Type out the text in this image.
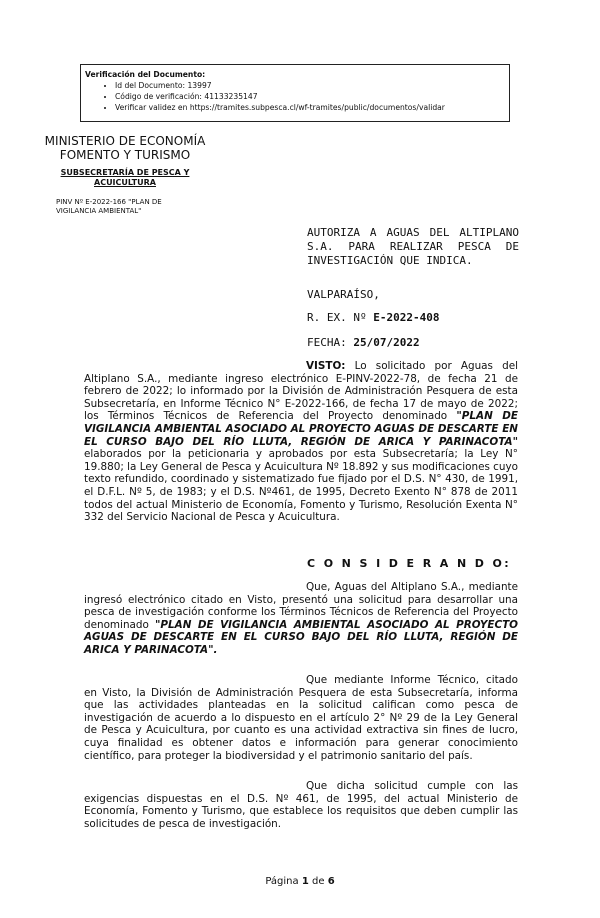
Verificación del Documento:
• Id del Documento: 13997
• Código de verificación: 41133235147
• Verificar validez en https://tramites.subpesca.cl/wf-tramites/public/documentos/validar
MINISTERIO DE ECONOMÍA
FOMENTO Y TURISMO
SUBSECRETARÍA DE PESCA Y ACUICULTURA
PINV Nº E-2022-166 "PLAN DE VIGILANCIA AMBIENTAL"
AUTORIZA A AGUAS DEL ALTIPLANO S.A. PARA REALIZAR PESCA DE INVESTIGACIÓN QUE INDICA.
VALPARAÍSO,
R. EX. Nº E-2022-408
FECHA: 25/07/2022

VISTO: Lo solicitado por Aguas del Altiplano S.A., mediante ingreso electrónico E-PINV-2022-78, de fecha 21 de febrero de 2022; lo informado por la División de Administración Pesquera de esta Subsecretaría, en Informe Técnico N° E-2022-166, de fecha 17 de mayo de 2022; los Términos Técnicos de Referencia del Proyecto denominado "PLAN DE VIGILANCIA AMBIENTAL ASOCIADO AL PROYECTO AGUAS DE DESCARTE EN EL CURSO BAJO DEL RÍO LLUTA, REGIÓN DE ARICA Y PARINACOTA" elaborados por la peticionaria y aprobados por esta Subsecretaría; la Ley N° 19.880; la Ley General de Pesca y Acuicultura Nº 18.892 y sus modificaciones cuyo texto refundido, coordinado y sistematizado fue fijado por el D.S. N° 430, de 1991, el D.F.L. Nº 5, de 1983; y el D.S. Nº461, de 1995, Decreto Exento N° 878 de 2011 todos del actual Ministerio de Economía, Fomento y Turismo, Resolución Exenta N° 332 del Servicio Nacional de Pesca y Acuicultura.

C O N S I D E R A N D O:

Que, Aguas del Altiplano S.A., mediante ingresó electrónico citado en Visto, presentó una solicitud para desarrollar una pesca de investigación conforme los Términos Técnicos de Referencia del Proyecto denominado "PLAN DE VIGILANCIA AMBIENTAL ASOCIADO AL PROYECTO AGUAS DE DESCARTE EN EL CURSO BAJO DEL RÍO LLUTA, REGIÓN DE ARICA Y PARINACOTA".

Que mediante Informe Técnico, citado en Visto, la División de Administración Pesquera de esta Subsecretaría, informa que las actividades planteadas en la solicitud califican como pesca de investigación de acuerdo a lo dispuesto en el artículo 2° Nº 29 de la Ley General de Pesca y Acuicultura, por cuanto es una actividad extractiva sin fines de lucro, cuya finalidad es obtener datos e información para generar conocimiento científico, para proteger la biodiversidad y el patrimonio sanitario del país.

Que dicha solicitud cumple con las exigencias dispuestas en el D.S. Nº 461, de 1995, del actual Ministerio de Economía, Fomento y Turismo, que establece los requisitos que deben cumplir las solicitudes de pesca de investigación.

Página 1 de 6
